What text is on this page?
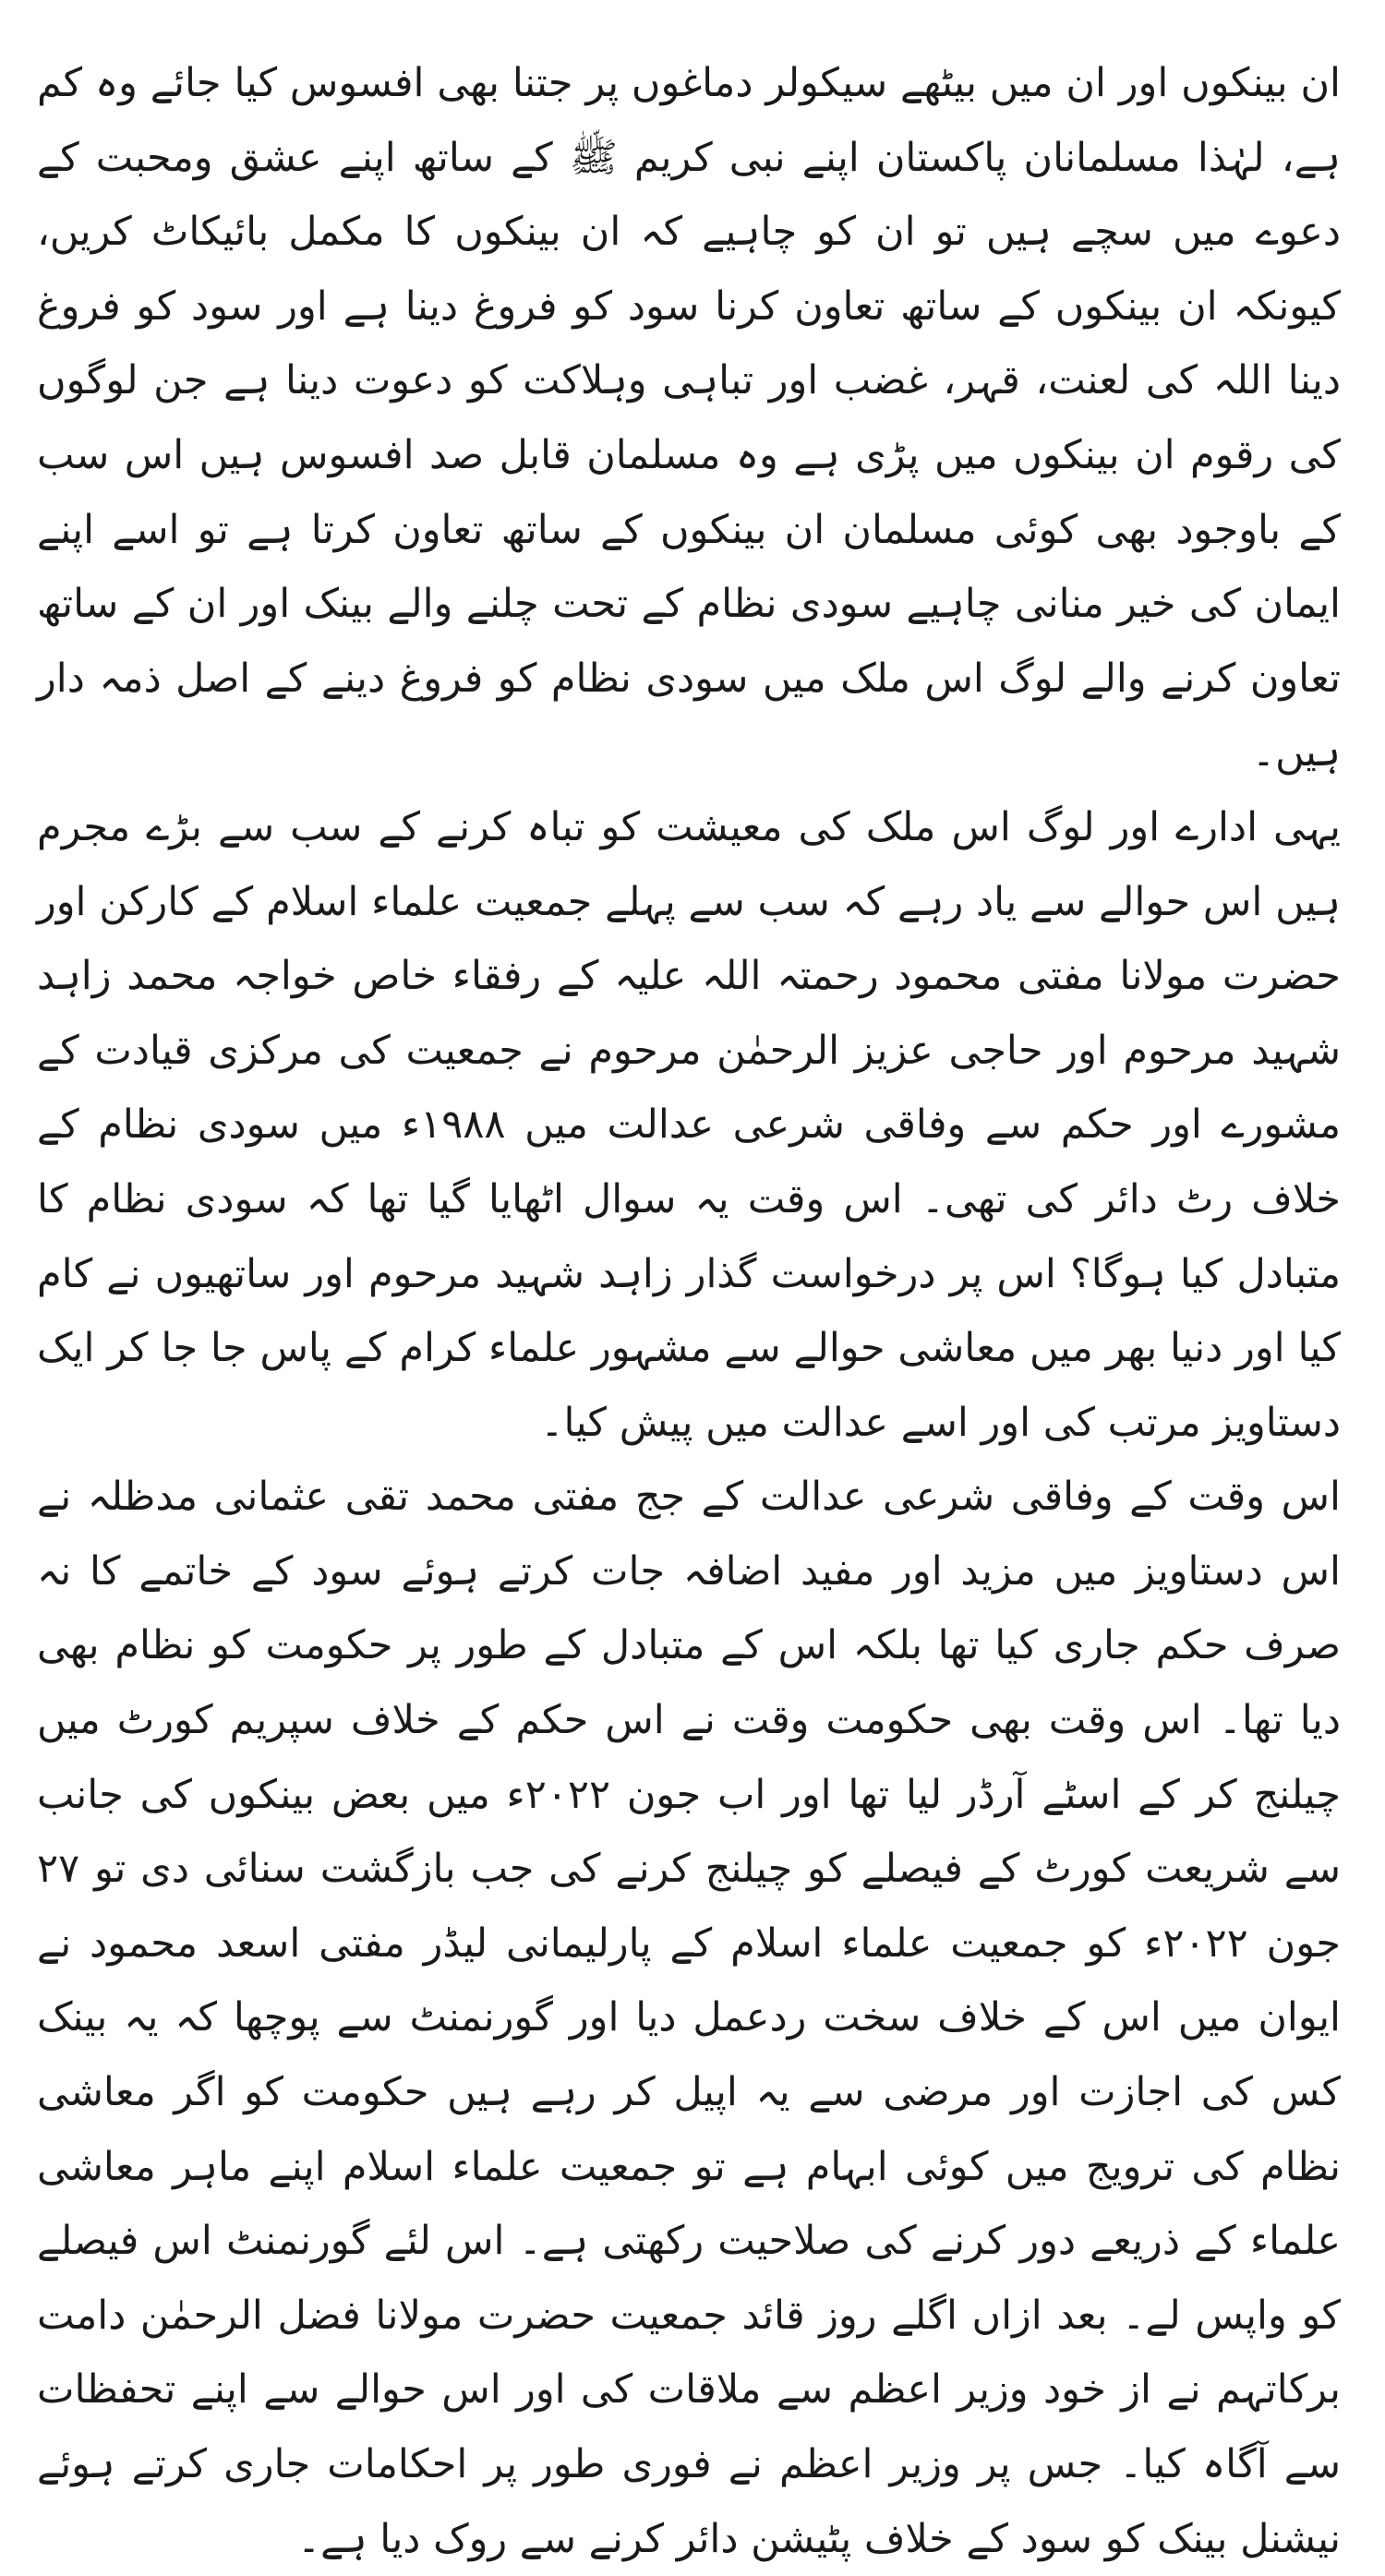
ان بینکوں اور ان میں بیٹھے سیکولر دماغوں پر جتنا بھی افسوس کیا جائے وہ کم ہے، لہٰذا مسلمانان پاکستان اپنے نبی کریم ﷺ کے ساتھ اپنے عشق ومحبت کے دعوے میں سچے ہیں تو ان کو چاہیے کہ ان بینکوں کا مکمل بائیکاٹ کریں، کیونکہ ان بینکوں کے ساتھ تعاون کرنا سود کو فروغ دینا ہے اور سود کو فروغ دینا اللہ کی لعنت، قہر، غضب اور تباہی وہلاکت کو دعوت دینا ہے جن لوگوں کی رقوم ان بینکوں میں پڑی ہے وہ مسلمان قابل صد افسوس ہیں اس سب کے باوجود بھی کوئی مسلمان ان بینکوں کے ساتھ تعاون کرتا ہے تو اسے اپنے ایمان کی خیر منانی چاہیے سودی نظام کے تحت چلنے والے بینک اور ان کے ساتھ تعاون کرنے والے لوگ اس ملک میں سودی نظام کو فروغ دینے کے اصل ذمہ دار ہیں۔

یہی ادارے اور لوگ اس ملک کی معیشت کو تباہ کرنے کے سب سے بڑے مجرم ہیں اس حوالے سے یاد رہے کہ سب سے پہلے جمعیت علماء اسلام کے کارکن اور حضرت مولانا مفتی محمود رحمتہ اللہ علیہ کے رفقاء خاص خواجہ محمد زاہد شہید مرحوم اور حاجی عزیز الرحمٰن مرحوم نے جمعیت کی مرکزی قیادت کے مشورے اور حکم سے وفاقی شرعی عدالت میں ۱۹۸۸ء میں سودی نظام کے خلاف رٹ دائر کی تھی۔ اس وقت یہ سوال اٹھایا گیا تھا کہ سودی نظام کا متبادل کیا ہوگا؟ اس پر درخواست گذار زاہد شہید مرحوم اور ساتھیوں نے کام کیا اور دنیا بھر میں معاشی حوالے سے مشہور علماء کرام کے پاس جا جا کر ایک دستاویز مرتب کی اور اسے عدالت میں پیش کیا۔

اس وقت کے وفاقی شرعی عدالت کے جج مفتی محمد تقی عثمانی مدظلہ نے اس دستاویز میں مزید اور مفید اضافہ جات کرتے ہوئے سود کے خاتمے کا نہ صرف حکم جاری کیا تھا بلکہ اس کے متبادل کے طور پر حکومت کو نظام بھی دیا تھا۔ اس وقت بھی حکومت وقت نے اس حکم کے خلاف سپریم کورٹ میں چیلنج کر کے اسٹے آرڈر لیا تھا اور اب جون ۲۰۲۲ء میں بعض بینکوں کی جانب سے شریعت کورٹ کے فیصلے کو چیلنج کرنے کی جب بازگشت سنائی دی تو ۲۷ جون ۲۰۲۲ء کو جمعیت علماء اسلام کے پارلیمانی لیڈر مفتی اسعد محمود نے ایوان میں اس کے خلاف سخت ردعمل دیا اور گورنمنٹ سے پوچھا کہ یہ بینک کس کی اجازت اور مرضی سے یہ اپیل کر رہے ہیں حکومت کو اگر معاشی نظام کی ترویج میں کوئی ابہام ہے تو جمعیت علماء اسلام اپنے ماہر معاشی علماء کے ذریعے دور کرنے کی صلاحیت رکھتی ہے۔ اس لئے گورنمنٹ اس فیصلے کو واپس لے۔ بعد ازاں اگلے روز قائد جمعیت حضرت مولانا فضل الرحمٰن دامت برکاتہم نے از خود وزیر اعظم سے ملاقات کی اور اس حوالے سے اپنے تحفظات سے آگاہ کیا۔ جس پر وزیر اعظم نے فوری طور پر احکامات جاری کرتے ہوئے نیشنل بینک کو سود کے خلاف پٹیشن دائر کرنے سے روک دیا ہے۔
